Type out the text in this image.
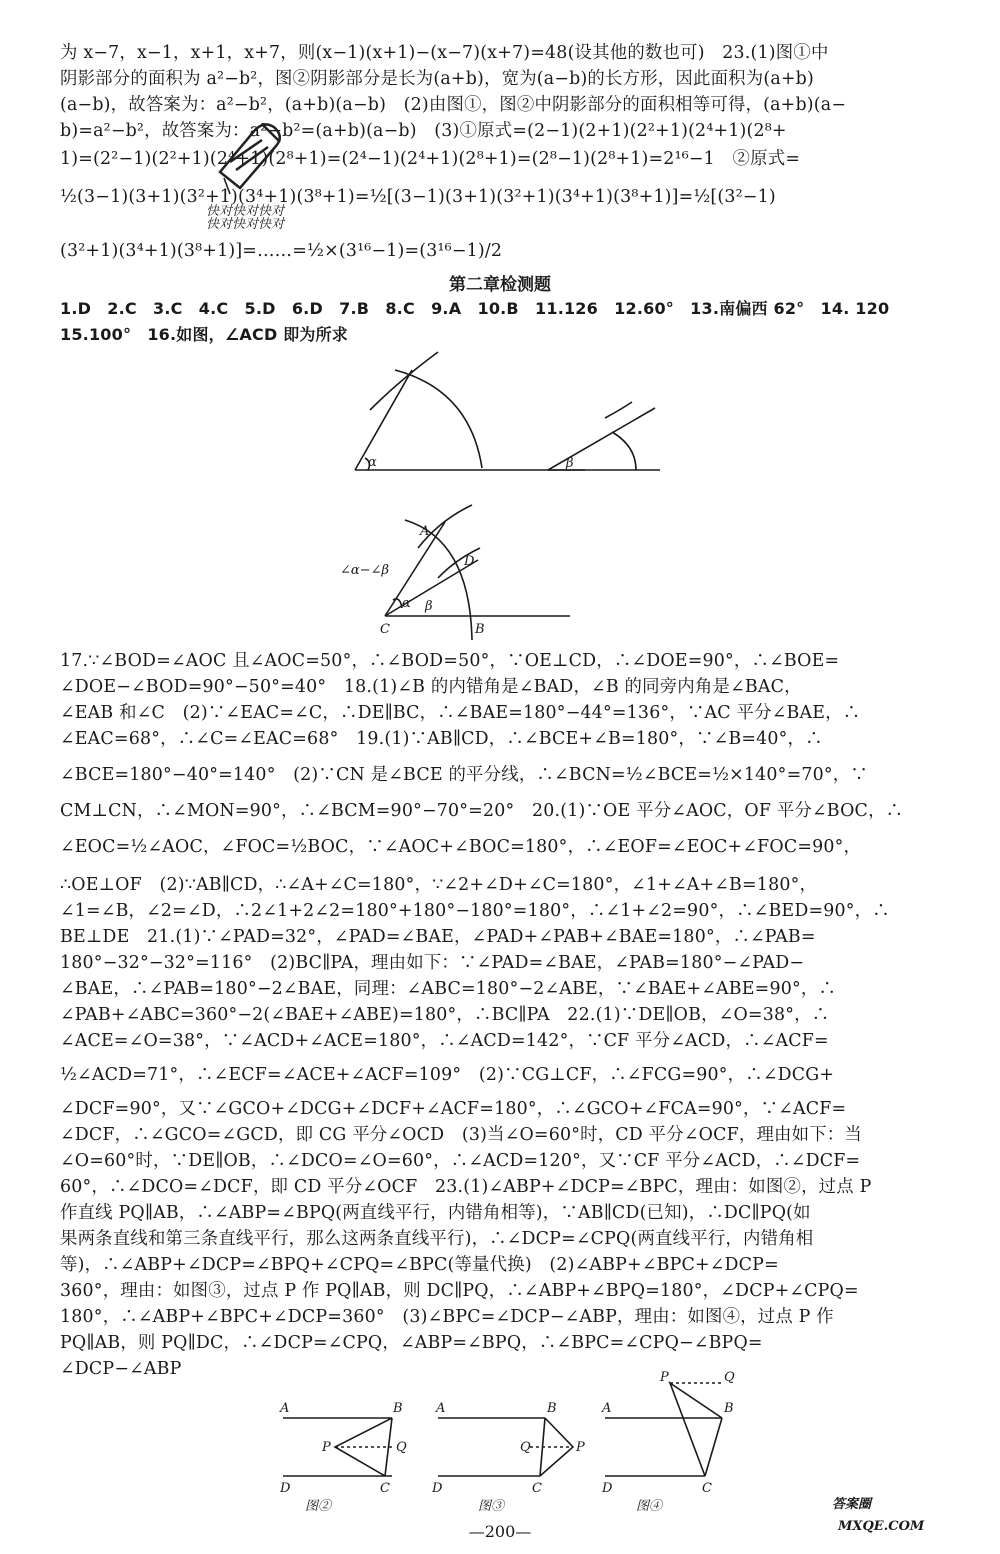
为 x−7，x−1，x+1，x+7，则(x−1)(x+1)−(x−7)(x+7)=48(设其他的数也可)　23.(1)图①中
阴影部分的面积为 a²−b²，图②阴影部分是长为(a+b)，宽为(a−b)的长方形，因此面积为(a+b)
(a−b)，故答案为：a²−b²，(a+b)(a−b)　(2)由图①，图②中阴影部分的面积相等可得，(a+b)(a−
b)=a²−b²，故答案为：a²−b²=(a+b)(a−b)　(3)①原式=(2−1)(2+1)(2²+1)(2⁴+1)(2⁸+
1)=(2²−1)(2²+1)(2⁴+1)(2⁸+1)=(2⁴−1)(2⁴+1)(2⁸+1)=(2⁸−1)(2⁸+1)=2¹⁶−1　②原式=
½(3−1)(3+1)(3²+1)(3⁴+1)(3⁸+1)=½[(3−1)(3+1)(3²+1)(3⁴+1)(3⁸+1)]=½[(3²−1)
(3²+1)(3⁴+1)(3⁸+1)]=……=½×(3¹⁶−1)=(3¹⁶−1)/2
快对快对快对
快对快对快对
第二章检测题
1.D　2.C　3.C　4.C　5.D　6.D　7.B　8.C　9.A　10.B　11.126　12.60°　13.南偏西 62°　14. 120
15.100°　16.如图，∠ACD 即为所求
α	β
A
D
C	B
β
α
∠α−∠β
17.∵∠BOD=∠AOC 且∠AOC=50°，∴∠BOD=50°，∵OE⊥CD，∴∠DOE=90°，∴∠BOE=
∠DOE−∠BOD=90°−50°=40°　18.(1)∠B 的内错角是∠BAD，∠B 的同旁内角是∠BAC，
∠EAB 和∠C　(2)∵∠EAC=∠C，∴DE∥BC，∴∠BAE=180°−44°=136°，∵AC 平分∠BAE，∴
∠EAC=68°，∴∠C=∠EAC=68°　19.(1)∵AB∥CD，∴∠BCE+∠B=180°，∵∠B=40°，∴
∠BCE=180°−40°=140°　(2)∵CN 是∠BCE 的平分线，∴∠BCN=½∠BCE=½×140°=70°，∵
CM⊥CN，∴∠MON=90°，∴∠BCM=90°−70°=20°　20.(1)∵OE 平分∠AOC，OF 平分∠BOC，∴
∠EOC=½∠AOC，∠FOC=½BOC，∵∠AOC+∠BOC=180°，∴∠EOF=∠EOC+∠FOC=90°，
∴OE⊥OF　(2)∵AB∥CD，∴∠A+∠C=180°，∵∠2+∠D+∠C=180°，∠1+∠A+∠B=180°，
∠1=∠B，∠2=∠D，∴2∠1+2∠2=180°+180°−180°=180°，∴∠1+∠2=90°，∴∠BED=90°，∴
BE⊥DE　21.(1)∵∠PAD=32°，∠PAD=∠BAE，∠PAD+∠PAB+∠BAE=180°，∴∠PAB=
180°−32°−32°=116°　(2)BC∥PA，理由如下：∵∠PAD=∠BAE，∠PAB=180°−∠PAD−
∠BAE，∴∠PAB=180°−2∠BAE，同理：∠ABC=180°−2∠ABE，∵∠BAE+∠ABE=90°，∴
∠PAB+∠ABC=360°−2(∠BAE+∠ABE)=180°，∴BC∥PA　22.(1)∵DE∥OB，∠O=38°，∴
∠ACE=∠O=38°，∵∠ACD+∠ACE=180°，∴∠ACD=142°，∵CF 平分∠ACD，∴∠ACF=
½∠ACD=71°，∴∠ECF=∠ACE+∠ACF=109°　(2)∵CG⊥CF，∴∠FCG=90°，∴∠DCG+
∠DCF=90°，又∵∠GCO+∠DCG+∠DCF+∠ACF=180°，∴∠GCO+∠FCA=90°，∵∠ACF=
∠DCF，∴∠GCO=∠GCD，即 CG 平分∠OCD　(3)当∠O=60°时，CD 平分∠OCF，理由如下：当
∠O=60°时，∵DE∥OB，∴∠DCO=∠O=60°，∴∠ACD=120°，又∵CF 平分∠ACD，∴∠DCF=
60°，∴∠DCO=∠DCF，即 CD 平分∠OCF　23.(1)∠ABP+∠DCP=∠BPC，理由：如图②，过点 P
作直线 PQ∥AB，∴∠ABP=∠BPQ(两直线平行，内错角相等)，∵AB∥CD(已知)，∴DC∥PQ(如
果两条直线和第三条直线平行，那么这两条直线平行)，∴∠DCP=∠CPQ(两直线平行，内错角相
等)，∴∠ABP+∠DCP=∠BPQ+∠CPQ=∠BPC(等量代换)　(2)∠ABP+∠BPC+∠DCP=
360°，理由：如图③，过点 P 作 PQ∥AB，则 DC∥PQ，∴∠ABP+∠BPQ=180°，∠DCP+∠CPQ=
180°，∴∠ABP+∠BPC+∠DCP=360°　(3)∠BPC=∠DCP−∠ABP，理由：如图④，过点 P 作
PQ∥AB，则 PQ∥DC，∴∠DCP=∠CPQ，∠ABP=∠BPQ，∴∠BPC=∠CPQ−∠BPQ=
∠DCP−∠ABP
A	B
P	Q
D	C
A	B
Q	P
D	C
A	B
P	Q
D	C
图②	图③	图④
—200—
答案圈
MXQE.COM
